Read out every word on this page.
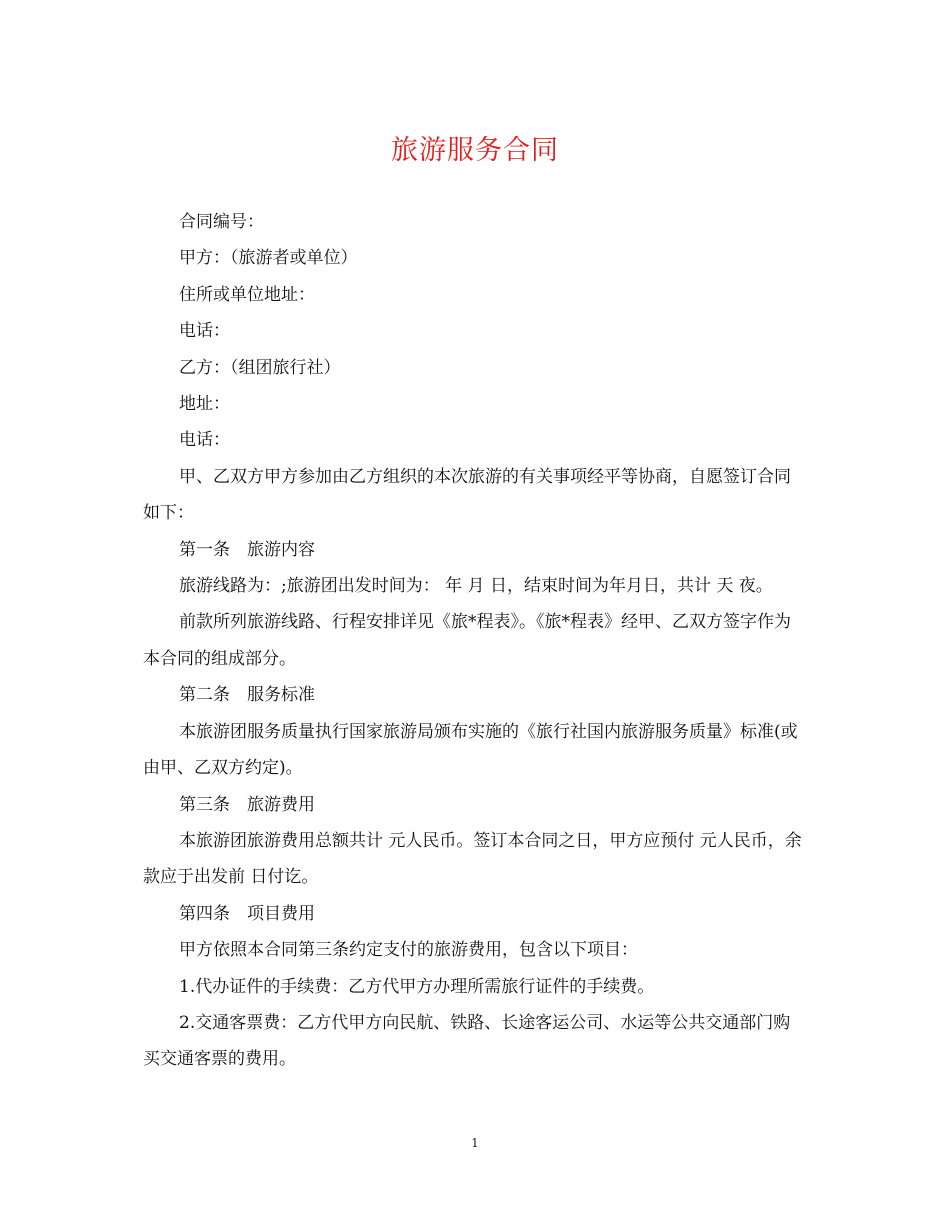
旅游服务合同

合同编号：

甲方：（旅游者或单位）

住所或单位地址：

电话：

乙方：（组团旅行社）

地址：

电话：

甲、乙双方甲方参加由乙方组织的本次旅游的有关事项经平等协商，自愿签订合同如下：

第一条　旅游内容

旅游线路为：;旅游团出发时间为： 年 月 日，结束时间为年月日，共计 天 夜。

前款所列旅游线路、行程安排详见《旅*程表》。《旅*程表》经甲、乙双方签字作为本合同的组成部分。

第二条　服务标准

本旅游团服务质量执行国家旅游局颁布实施的《旅行社国内旅游服务质量》标准(或由甲、乙双方约定)。

第三条　旅游费用

本旅游团旅游费用总额共计 元人民币。签订本合同之日，甲方应预付 元人民币，余款应于出发前 日付讫。

第四条　项目费用

甲方依照本合同第三条约定支付的旅游费用，包含以下项目：

1.代办证件的手续费：乙方代甲方办理所需旅行证件的手续费。

2.交通客票费：乙方代甲方向民航、铁路、长途客运公司、水运等公共交通部门购买交通客票的费用。

1
